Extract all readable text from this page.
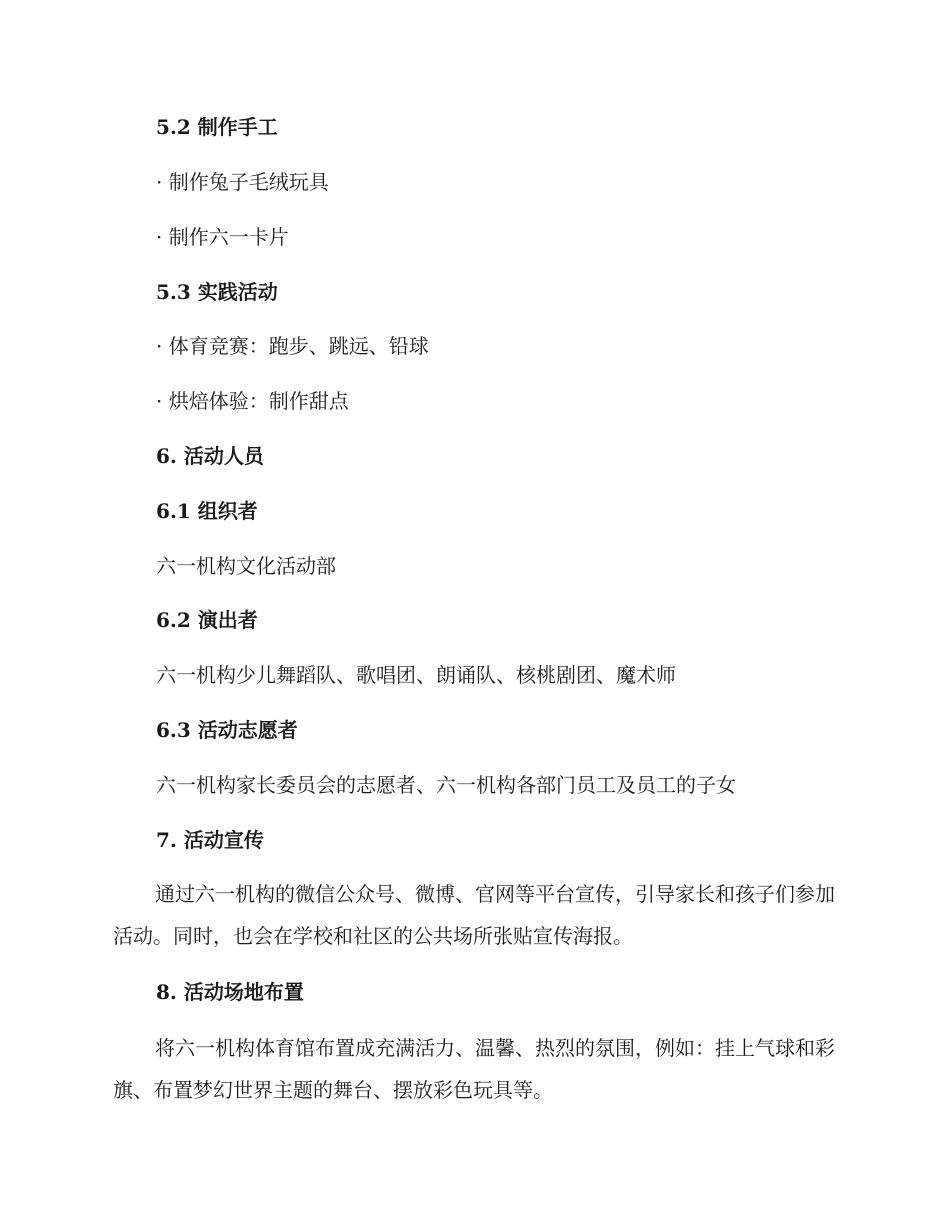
5.2 制作手工
· 制作兔子毛绒玩具
· 制作六一卡片
5.3 实践活动
· 体育竞赛：跑步、跳远、铅球
· 烘焙体验：制作甜点
6. 活动人员
6.1 组织者
六一机构文化活动部
6.2 演出者
六一机构少儿舞蹈队、歌唱团、朗诵队、核桃剧团、魔术师
6.3 活动志愿者
六一机构家长委员会的志愿者、六一机构各部门员工及员工的子女
7. 活动宣传
通过六一机构的微信公众号、微博、官网等平台宣传，引导家长和孩子们参加活动。同时，也会在学校和社区的公共场所张贴宣传海报。
8. 活动场地布置
将六一机构体育馆布置成充满活力、温馨、热烈的氛围，例如：挂上气球和彩旗、布置梦幻世界主题的舞台、摆放彩色玩具等。
